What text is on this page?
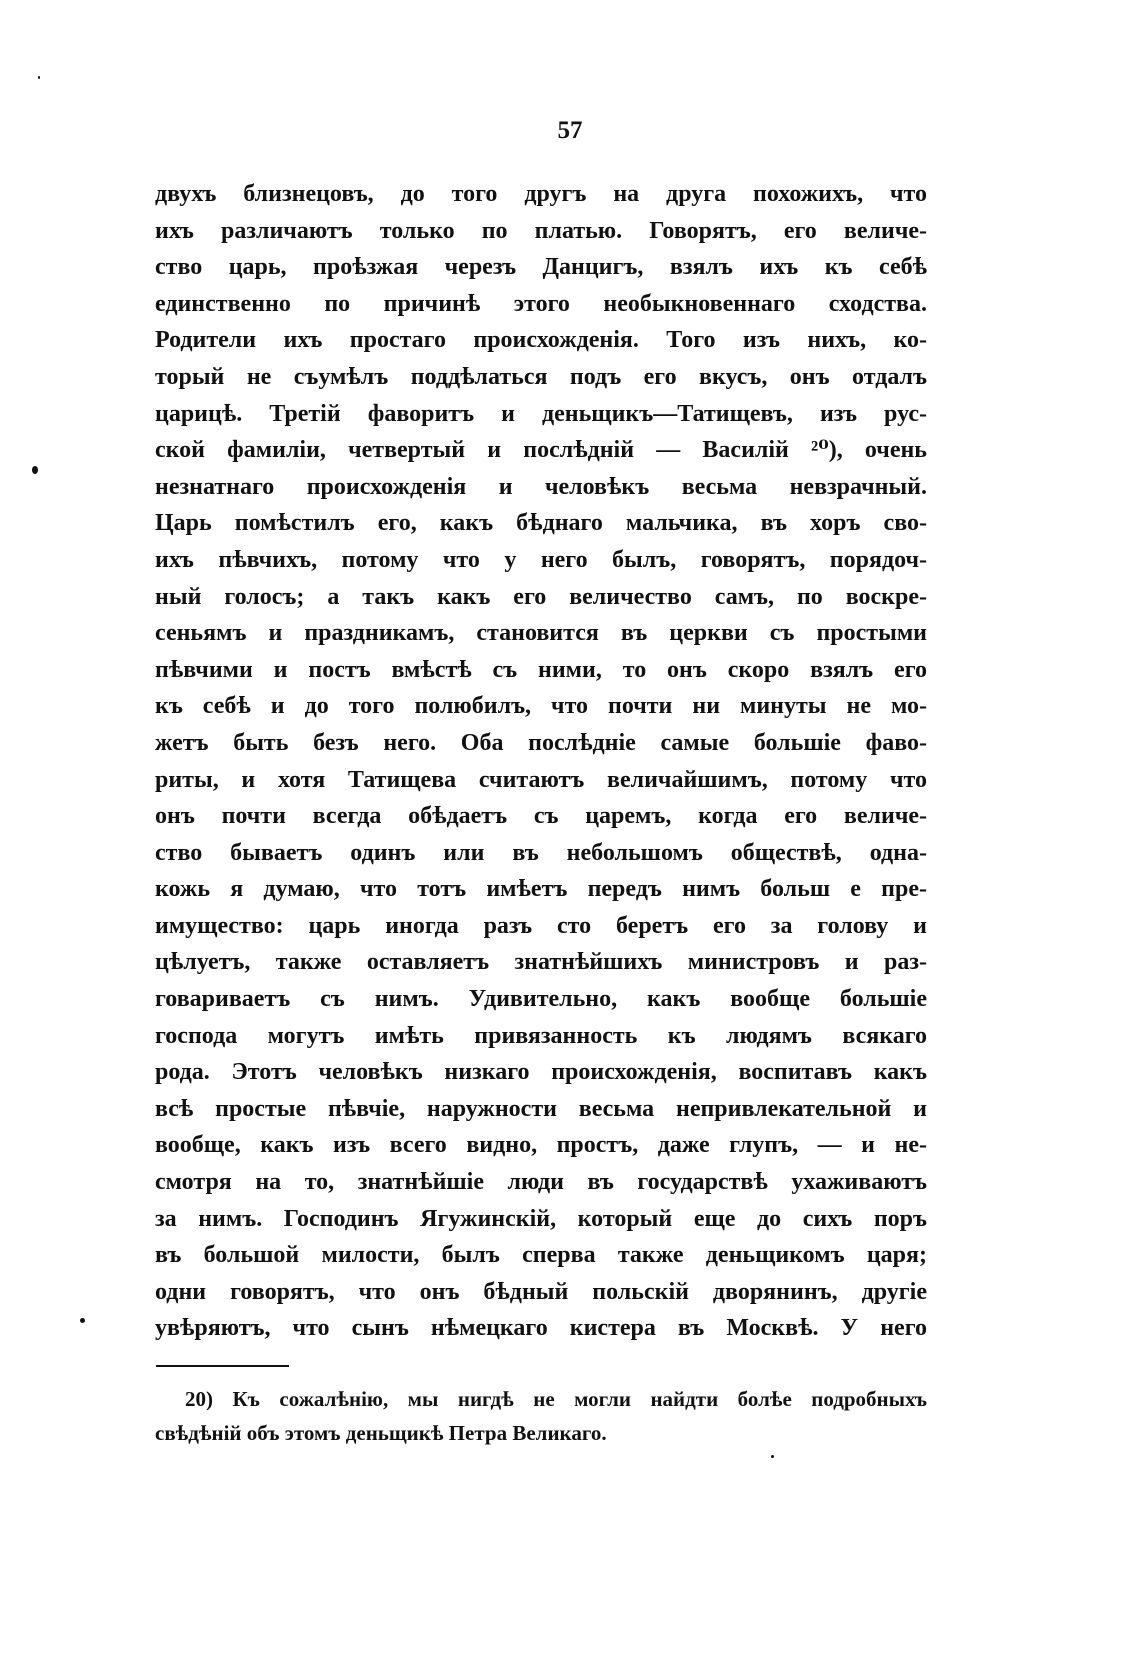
57
двухъ близнецовъ, до того другъ на друга похожихъ, что
ихъ различаютъ только по платью. Говорятъ, его величе-
ство царь, проѣзжая черезъ Данцигъ, взялъ ихъ къ себѣ
единственно по причинѣ этого необыкновеннаго сходства.
Родители ихъ простаго происхожденія. Того изъ нихъ, ко-
торый не съумѣлъ поддѣлаться подъ его вкусъ, онъ отдалъ
царицѣ. Третій фаворитъ и деньщикъ—Татищевъ, изъ рус-
ской фамиліи, четвертый и послѣдній — Василій ²⁰), очень
незнатнаго происхожденія и человѣкъ весьма невзрачный.
Царь помѣстилъ его, какъ бѣднаго мальчика, въ хоръ сво-
ихъ пѣвчихъ, потому что у него былъ, говорятъ, порядоч-
ный голосъ; а такъ какъ его величество самъ, по воскре-
сеньямъ и праздникамъ, становится въ церкви съ простыми
пѣвчими и постъ вмѣстѣ съ ними, то онъ скоро взялъ его
къ себѣ и до того полюбилъ, что почти ни минуты не мо-
жетъ быть безъ него. Оба послѣдніе самые большіе фаво-
риты, и хотя Татищева считаютъ величайшимъ, потому что
онъ почти всегда обѣдаетъ съ царемъ, когда его величе-
ство бываетъ одинъ или въ небольшомъ обществѣ, одна-
кожь я думаю, что тотъ имѣетъ передъ нимъ больш е пре-
имущество: царь иногда разъ сто беретъ его за голову и
цѣлуетъ, также оставляетъ знатнѣйшихъ министровъ и раз-
говариваетъ съ нимъ. Удивительно, какъ вообще большіе
господа могутъ имѣть привязанность къ людямъ всякаго
рода. Этотъ человѣкъ низкаго происхожденія, воспитавъ какъ
всѣ простые пѣвчіе, наружности весьма непривлекательной и
вообще, какъ изъ всего видно, простъ, даже глупъ, — и не-
смотря на то, знатнѣйшіе люди въ государствѣ ухаживаютъ
за нимъ. Господинъ Ягужинскій, который еще до сихъ поръ
въ большой милости, былъ сперва также деньщикомъ царя;
одни говорятъ, что онъ бѣдный польскій дворянинъ, другіе
увѣряютъ, что сынъ нѣмецкаго кистера въ Москвѣ. У него
20) Къ сожалѣнію, мы нигдѣ не могли найдти болѣе подробныхъ
свѣдѣній объ этомъ деньщикѣ Петра Великаго.
